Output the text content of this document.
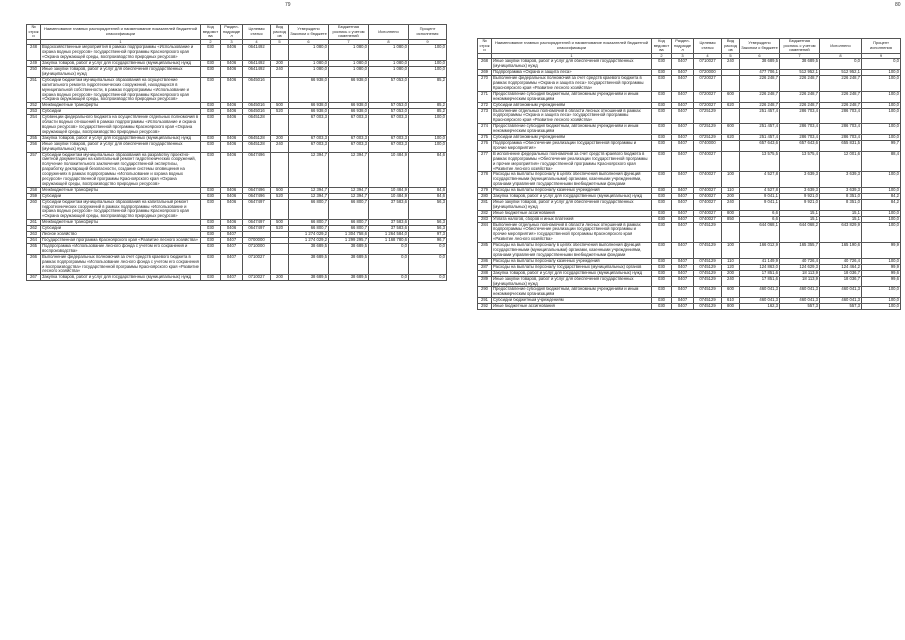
79
№ строки	Наименование главных распорядителей и наименование показателей бюджетной классификации	Код ведомства	Раздел-подраздел	Целевая статья	Вид расходов	Утверждено Законом о бюджете	Бюджетная роспись с учетом изменений	Исполнено	Процент исполнения
	1	2	3	4	5	6	7	8	9
248	Водохозяйственные мероприятия в рамках подпрограммы «Использование и охрана водных ресурсов» государственной программы Красноярского края «Охрана окружающей среды, воспроизводство природных ресурсов»	030	0406	0641492		1 080,0	1 080,0	1 080,0	100,0
249	Закупка товаров, работ и услуг для государственных (муниципальных) нужд	030	0406	0641492	200	1 080,0	1 080,0	1 080,0	100,0
250	Иные закупки товаров, работ и услуг для обеспечения государственных (муниципальных) нужд	030	0406	0641492	240	1 080,0	1 080,0	1 080,0	100,0
251	Субсидии бюджетам муниципальных образований на осуществление капитального ремонта гидротехнических сооружений, находящихся в муниципальной собственности, в рамках подпрограммы «Использование и охрана водных ресурсов» государственной программы Красноярского края «Охрана окружающей среды, воспроизводство природных ресурсов»	030	0406	0645016		66 938,0	66 938,0	57 053,0	85,2
252	Межбюджетные трансферты	030	0406	0645016	500	66 938,0	66 938,0	57 053,0	85,2
253	Субсидии	030	0406	0645016	520	66 938,0	66 938,0	57 053,0	85,2
254	Субвенции федерального бюджета на осуществление отдельных полномочий в области водных отношений в рамках подпрограммы «Использование и охрана водных ресурсов» государственной программы Красноярского края «Охрана окружающей среды, воспроизводство природных ресурсов»	030	0406	0645128		67 003,3	67 003,3	67 003,3	100,0
255	Закупка товаров, работ и услуг для государственных (муниципальных) нужд	030	0406	0645128	200	67 003,3	67 003,3	67 003,3	100,0
256	Иные закупки товаров, работ и услуг для обеспечения государственных (муниципальных) нужд	030	0406	0645128	240	67 003,3	67 003,3	67 003,3	100,0
257	Субсидии бюджетам муниципальных образований на разработку проектно-сметной документации на капитальный ремонт гидротехнических сооружений, получение положительного заключения государственной экспертизы, разработку деклараций безопасности, создание системы оповещения на сооружениях в рамках подпрограммы «Использование и охрана водных ресурсов» государственной программы Красноярского края «Охрана окружающей среды, воспроизводство природных ресурсов»	030	0406	0647496		12 394,7	12 394,7	10 484,9	84,6
258	Межбюджетные трансферты	030	0406	0647496	500	12 394,7	12 394,7	10 484,9	84,6
259	Субсидии	030	0406	0647496	520	12 394,7	12 394,7	10 484,9	84,6
260	Субсидии бюджетам муниципальных образований на капитальный ремонт гидротехнических сооружений в рамках подпрограммы «Использование и охрана водных ресурсов» государственной программы Красноярского края «Охрана окружающей среды, воспроизводство природных ресурсов»	030	0406	0647497		66 800,7	66 800,7	37 583,6	56,3
261	Межбюджетные трансферты	030	0406	0647497	500	66 800,7	66 800,7	37 583,6	56,3
262	Субсидии	030	0406	0647497	520	66 800,7	66 800,7	37 583,6	56,3
263	Лесное хозяйство	030	0407			1 274 029,2	1 304 758,6	1 264 584,0	97,3
264	Государственная программа Красноярского края «Развитие лесного хозяйства»	030	0407	0700000		1 274 029,2	1 299 295,7	1 168 780,6	96,7
265	Подпрограмма «Использование лесного фонда с учетом его сохранения и воспроизводства»	030	0407	0710000		38 689,5	38 689,5	0,0	0,0
266	Выполнение федеральных полномочий за счет средств краевого бюджета в рамках подпрограммы «Использование лесного фонда с учетом его сохранения и воспроизводства» государственной программы Красноярского края «Развитие лесного хозяйства»	030	0407	0710027		38 689,5	38 689,5	0,0	0,0
267	Закупка товаров, работ и услуг для государственных (муниципальных) нужд	030	0407	0710027	200	38 689,5	38 689,5	0,0	0,0
80
№ строки	Наименование главных распорядителей и наименование показателей бюджетной классификации	Код ведомства	Раздел-подраздел	Целевая статья	Вид расходов	Утверждено Законом о бюджете	Бюджетная роспись с учетом изменений	Исполнено	Процент исполнения
	1	2	3	4	5	6	7	8	9
268	Иные закупки товаров, работ и услуг для обеспечения государственных (муниципальных) нужд	030	0407	0710027	240	38 689,5	38 689,5	0,0	0,0
269	Подпрограмма «Охрана и защита леса»	030	0407	0720000		477 706,1	512 952,1	512 952,1	100,0
270	Выполнение федеральных полномочий за счет средств краевого бюджета в рамках подпрограммы «Охрана и защита леса» государственной программы Красноярского края «Развитие лесного хозяйства»	030	0407	0720027		226 248,7	226 248,7	226 248,7	100,0
271	Предоставление субсидий бюджетным, автономным учреждениям и иным некоммерческим организациям	030	0407	0720027	600	226 248,7	226 248,7	226 248,7	100,0
272	Субсидии автономным учреждениям	030	0407	0720027	620	226 248,7	226 248,7	226 248,7	100,0
273	Выполнение отдельных полномочий в области лесных отношений в рамках подпрограммы «Охрана и защита леса» государственной программы Красноярского края «Развитие лесного хозяйства»	030	0407	0725129		251 457,4	286 703,4	286 703,4	100,0
274	Предоставление субсидий бюджетным, автономным учреждениям и иным некоммерческим организациям	030	0407	0725129	600	251 457,4	286 703,4	286 703,4	100,0
275	Субсидии автономным учреждениям	030	0407	0725129	620	251 457,4	286 703,4	286 703,4	100,0
276	Подпрограмма «Обеспечение реализации государственной программы и прочие мероприятия»	030	0407	0740000		657 643,6	657 643,6	655 831,5	99,7
277	В исполнение федеральных полномочий за счет средств краевого бюджета в рамках подпрограммы «Обеспечение реализации государственной программы и прочие мероприятия» государственной программы Красноярского края «Развитие лесного хозяйства»	030	0407	0740027		13 575,5	13 575,4	12 001,6	88,4
278	Расходы на выплаты персоналу в целях обеспечения выполнения функций государственными (муниципальными) органами, казенными учреждениями, органами управления государственными внебюджетными фондами	030	0407	0740027	100	4 527,8	3 639,3	3 639,3	100,0
279	Расходы на выплаты персоналу казенных учреждений	030	0407	0740027	110	4 527,8	3 639,3	3 639,3	100,0
280	Закупка товаров, работ и услуг для государственных (муниципальных) нужд	030	0407	0740027	200	9 041,1	9 921,0	8 351,0	84,2
281	Иные закупки товаров, работ и услуг для обеспечения государственных (муниципальных) нужд	030	0407	0740027	240	9 041,1	9 921,0	8 351,0	84,2
282	Иные бюджетные ассигнования	030	0407	0740027	800	6,6	15,1	15,1	100,0
283	Уплата налогов, сборов и иных платежей	030	0407	0740027	850	6,6	15,1	15,1	100,0
284	Выполнение отдельных полномочий в области лесных отношений в рамках подпрограммы «Обеспечение реализации государственной программы и прочие мероприятия» государственной программы Красноярского края «Развитие лесного хозяйства»	030	0407	0745129		644 068,1	644 068,2	643 829,9	100,0
285	Расходы на выплаты персоналу в целях обеспечения выполнения функций государственными (муниципальными) органами, казенными учреждениями, органами управления государственными внебюджетными фондами	030	0407	0745129	100	166 012,9	165 355,7	165 190,6	99,9
286	Расходы на выплаты персоналу казенных учреждений	030	0407	0745129	110	41 149,9	40 726,4	40 726,4	100,0
287	Расходы на выплаты персоналу государственных (муниципальных) органов	030	0407	0745129	120	124 863,0	124 629,3	124 464,2	99,9
288	Закупка товаров, работ и услуг для государственных (муниципальных) нужд	030	0407	0745129	200	17 851,6	18 113,9	18 036,7	99,6
289	Иные закупки товаров, работ и услуг для обеспечения государственных (муниципальных) нужд	030	0407	0745129	240	17 851,6	18 113,9	18 036,7	99,6
290	Предоставление субсидий бюджетным, автономным учреждениям и иным некоммерческим организациям	030	0407	0745129	600	460 041,3	460 041,3	460 041,3	100,0
291	Субсидии бюджетным учреждениям	030	0407	0745129	610	460 041,3	460 041,3	460 041,3	100,0
292	Иные бюджетные ассигнования	030	0407	0745129	800	162,3	557,3	557,3	100,0
